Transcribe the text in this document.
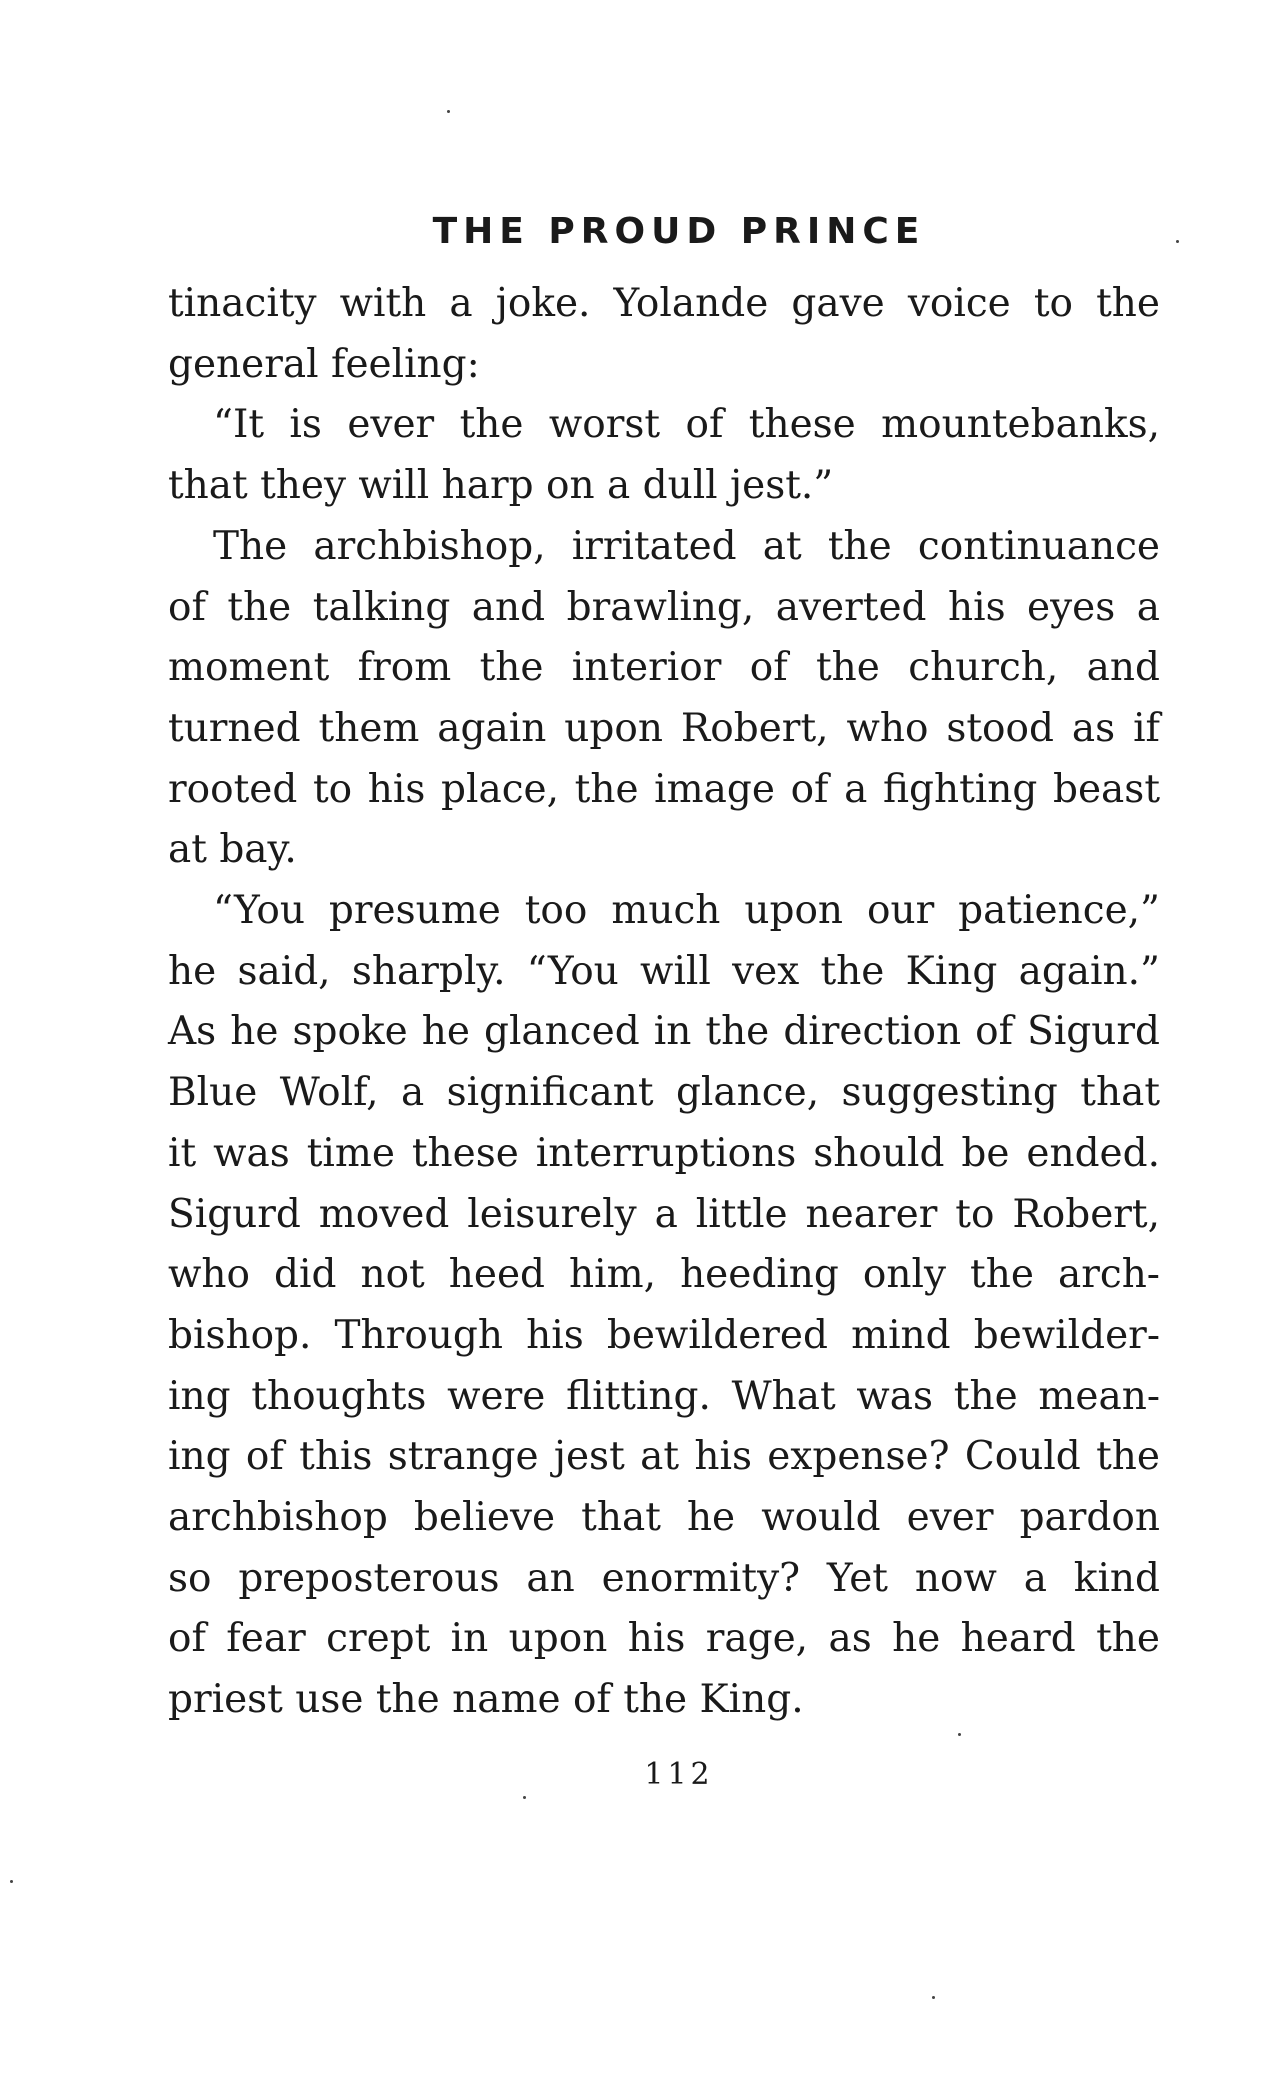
THE PROUD PRINCE

tinacity with a joke. Yolande gave voice to the
general feeling:

“It is ever the worst of these mountebanks,
that they will harp on a dull jest.”

The archbishop, irritated at the continuance
of the talking and brawling, averted his eyes a
moment from the interior of the church, and
turned them again upon Robert, who stood as if
rooted to his place, the image of a fighting beast
at bay.

“You presume too much upon our patience,”
he said, sharply. “You will vex the King again.”
As he spoke he glanced in the direction of Sigurd
Blue Wolf, a significant glance, suggesting that
it was time these interruptions should be ended.
Sigurd moved leisurely a little nearer to Robert,
who did not heed him, heeding only the arch-
bishop. Through his bewildered mind bewilder-
ing thoughts were flitting. What was the mean-
ing of this strange jest at his expense? Could the
archbishop believe that he would ever pardon
so preposterous an enormity? Yet now a kind
of fear crept in upon his rage, as he heard the
priest use the name of the King.

112
